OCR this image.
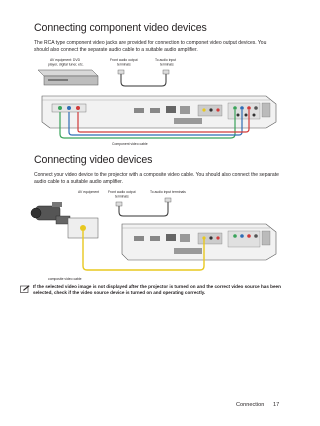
Connecting component video devices
The RCA type component video jacks are provided for connection to componet video output devices. You should also connect the separate audio cable to a suitable audio amplifier.
AV equipment: DVD
player, digital tuner, etc.
Front audio output
terminals
To audio input
terminals
Component video cable
Connecting video devices
Connect your video device to the projector with a composite video cable. You should also connect the separate audio cable to a suitable audio amplifier.
AV equipment	Front audio output
terminals
To audio input terminals
composite video cable
If the selected video image is not displayed after the projector is turned on and the correct video source has been selected, check if the video source device is turned on and operating correctly.
Connection 17
